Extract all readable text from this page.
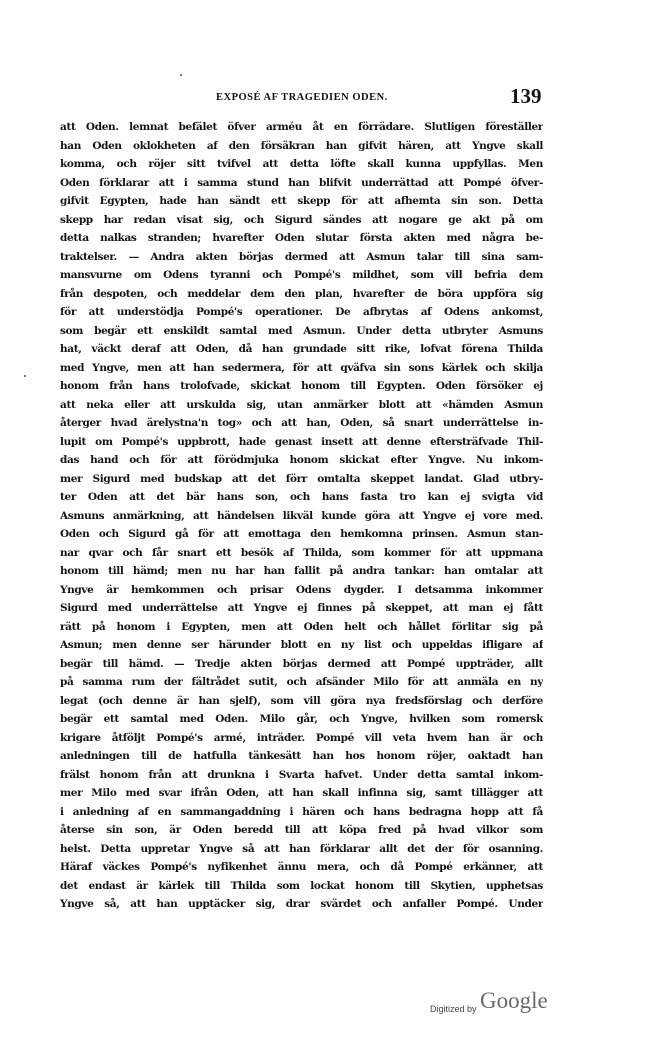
EXPOSÉ AF TRAGEDIEN ODEN.	139
att Oden. lemnat befälet öfver arméu åt en förrädare. Slutligen föreställer
han Oden oklokheten af den försäkran han gifvit hären, att Yngve skall
komma, och röjer sitt tvifvel att detta löfte skall kunna uppfyllas. Men
Oden förklarar att i samma stund han blifvit underrättad att Pompé öfver-
gifvit Egypten, hade han sändt ett skepp för att afhemta sin son. Detta
skepp har redan visat sig, och Sigurd sändes att nogare ge akt på om
detta nalkas stranden; hvarefter Oden slutar första akten med några be-
traktelser. — Andra akten börjas dermed att Asmun talar till sina sam-
mansvurne om Odens tyranni och Pompé's mildhet, som vill befria dem
från despoten, och meddelar dem den plan, hvarefter de böra uppföra sig
för att understödja Pompé's operationer. De afbrytas af Odens ankomst,
som begär ett enskildt samtal med Asmun. Under detta utbryter Asmuns
hat, väckt deraf att Oden, då han grundade sitt rike, lofvat förena Thilda
med Yngve, men att han sedermera, för att qväfva sin sons kärlek och skilja
honom från hans trolofvade, skickat honom till Egypten. Oden försöker ej
att neka eller att urskulda sig, utan anmärker blott att «hämden Asmun
återger hvad ärelystna'n tog» och att han, Oden, så snart underrättelse in-
lupit om Pompé's uppbrott, hade genast insett att denne eftersträfvade Thil-
das hand och för att förödmjuka honom skickat efter Yngve. Nu inkom-
mer Sigurd med budskap att det förr omtalta skeppet landat. Glad utbry-
ter Oden att det bär hans son, och hans fasta tro kan ej svigta vid
Asmuns anmärkning, att händelsen likväl kunde göra att Yngve ej vore med.
Oden och Sigurd gå för att emottaga den hemkomna prinsen. Asmun stan-
nar qvar och får snart ett besök af Thilda, som kommer för att uppmana
honom till hämd; men nu har han fallit på andra tankar: han omtalar att
Yngve är hemkommen och prisar Odens dygder. I detsamma inkommer
Sigurd med underrättelse att Yngve ej finnes på skeppet, att man ej fått
rätt på honom i Egypten, men att Oden helt och hållet förlitar sig på
Asmun; men denne ser härunder blott en ny list och uppeldas ifligare af
begär till hämd. — Tredje akten börjas dermed att Pompé uppträder, allt
på samma rum der fältrådet sutit, och afsänder Milo för att anmäla en ny
legat (och denne är han sjelf), som vill göra nya fredsförslag och derföre
begär ett samtal med Oden. Milo går, och Yngve, hvilken som romersk
krigare åtföljt Pompé's armé, inträder. Pompé vill veta hvem han är och
anledningen till de hatfulla tänkesätt han hos honom röjer, oaktadt han
frälst honom från att drunkna i Svarta hafvet. Under detta samtal inkom-
mer Milo med svar ifrån Oden, att han skall infinna sig, samt tillägger att
i anledning af en sammangaddning i hären och hans bedragna hopp att få
återse sin son, är Oden beredd till att köpa fred på hvad vilkor som
helst. Detta uppretar Yngve så att han förklarar allt det der för osanning.
Häraf väckes Pompé's nyfikenhet ännu mera, och då Pompé erkänner, att
det endast är kärlek till Thilda som lockat honom till Skytien, upphetsas
Yngve så, att han upptäcker sig, drar svärdet och anfaller Pompé. Under
Digitized by Google
